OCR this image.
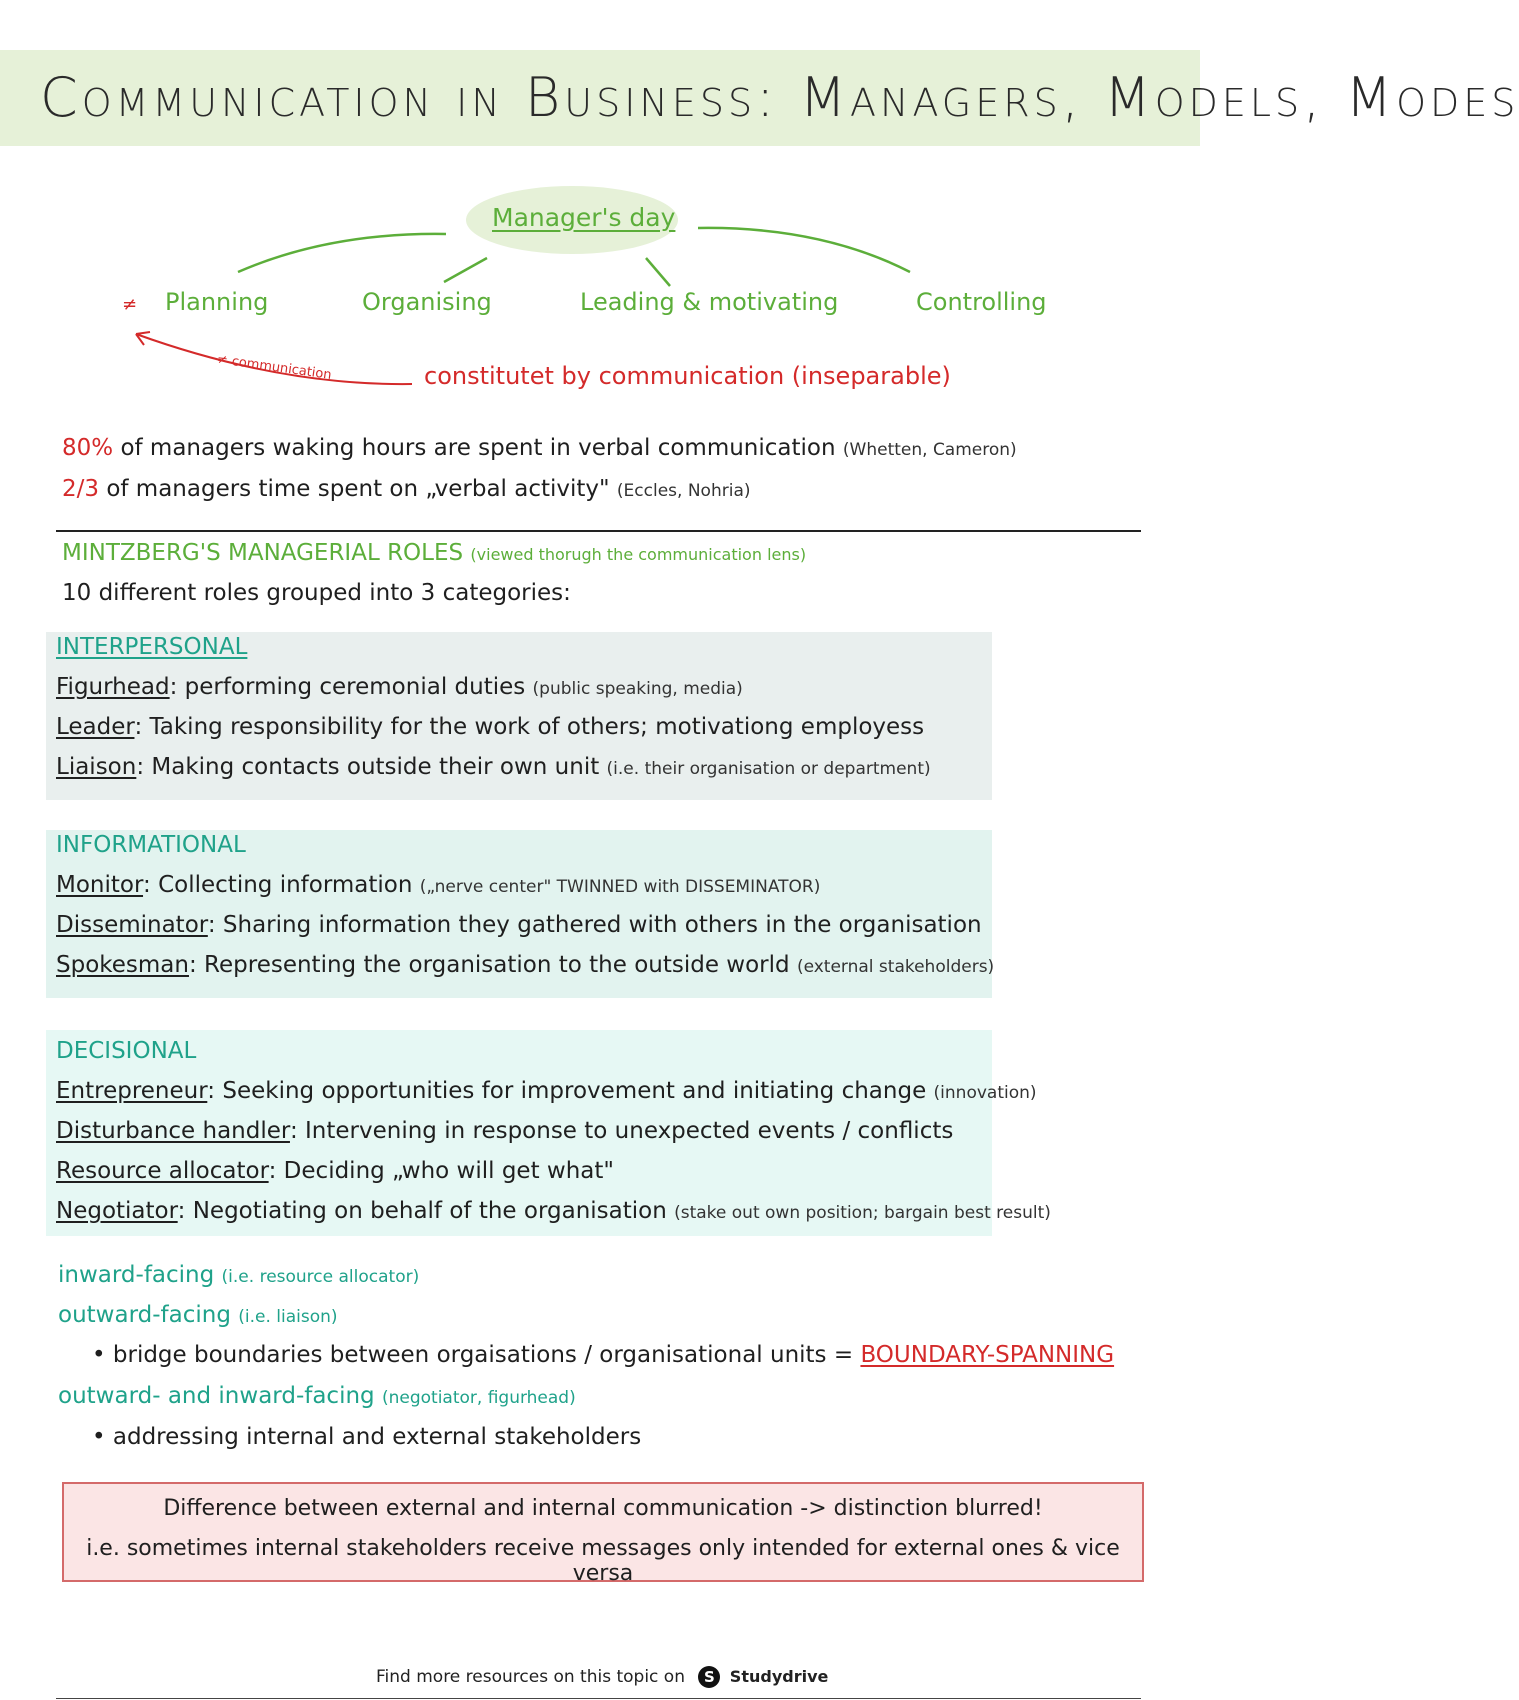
Communication in Business: Managers, Models, Modes
Manager's day
≠ Planning	Organising	Leading & motivating	Controlling
≠ communication	constitutet by communication (inseparable)
80% of managers waking hours are spent in verbal communication (Whetten, Cameron)
2/3 of managers time spent on „verbal activity" (Eccles, Nohria)
MINTZBERG'S MANAGERIAL ROLES (viewed thorugh the communication lens)
10 different roles grouped into 3 categories:
INTERPERSONAL
Figurhead: performing ceremonial duties (public speaking, media)
Leader: Taking responsibility for the work of others; motivationg employess
Liaison: Making contacts outside their own unit (i.e. their organisation or department)
INFORMATIONAL
Monitor: Collecting information („nerve center" TWINNED with DISSEMINATOR)
Disseminator: Sharing information they gathered with others in the organisation
Spokesman: Representing the organisation to the outside world (external stakeholders)
DECISIONAL
Entrepreneur: Seeking opportunities for improvement and initiating change (innovation)
Disturbance handler: Intervening in response to unexpected events / conflicts
Resource allocator: Deciding „who will get what"
Negotiator: Negotiating on behalf of the organisation (stake out own position; bargain best result)
inward-facing (i.e. resource allocator)
outward-facing (i.e. liaison)
• bridge boundaries between orgaisations / organisational units = BOUNDARY-SPANNING
outward- and inward-facing (negotiator, figurhead)
• addressing internal and external stakeholders
Difference between external and internal communication -> distinction blurred!
i.e. sometimes internal stakeholders receive messages only intended for external ones & vice versa
Find more resources on this topic on S Studydrive
